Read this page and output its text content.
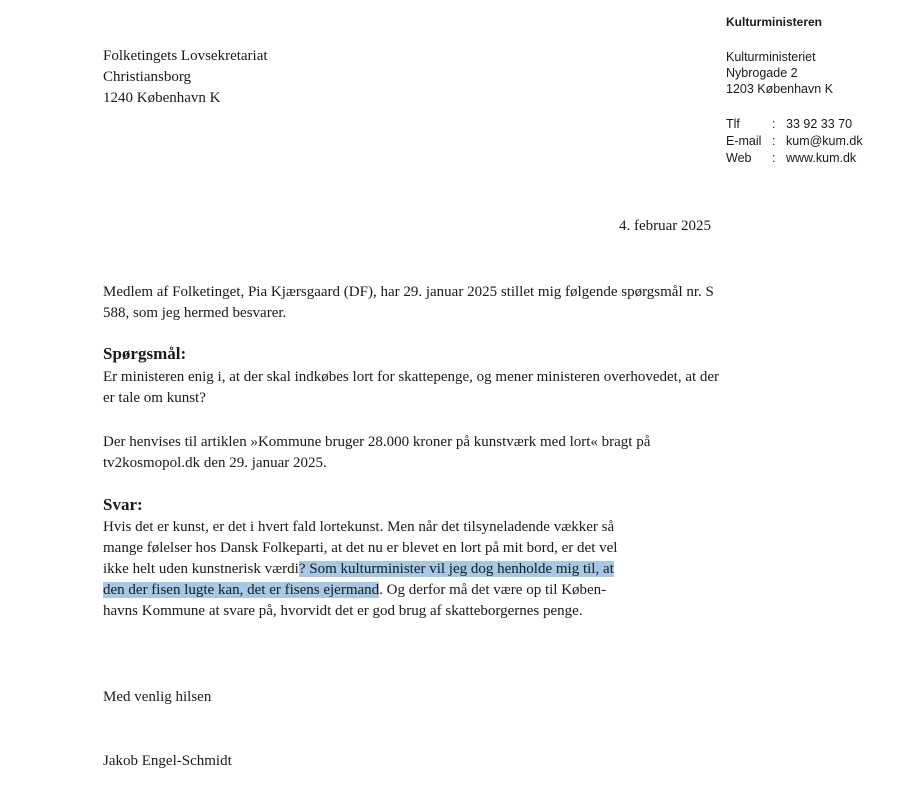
Kulturministeren
Kulturministeriet
Nybrogade 2
1203 København K
Tlf	: 33 92 33 70
E-mail : kum@kum.dk
Web	: www.kum.dk
Folketingets Lovsekretariat
Christiansborg
1240 København K
4. februar 2025
Medlem af Folketinget, Pia Kjærsgaard (DF), har 29. januar 2025 stillet mig følgende spørgsmål nr. S 588, som jeg hermed besvarer.
Spørgsmål:
Er ministeren enig i, at der skal indkøbes lort for skattepenge, og mener ministeren overhovedet, at der er tale om kunst?
Der henvises til artiklen »Kommune bruger 28.000 kroner på kunstværk med lort« bragt på tv2kosmopol.dk den 29. januar 2025.
Svar:
Hvis det er kunst, er det i hvert fald lortekunst. Men når det tilsyneladende vækker så
mange følelser hos Dansk Folkeparti, at det nu er blevet en lort på mit bord, er det vel
ikke helt uden kunstnerisk værdi? Som kulturminister vil jeg dog henholde mig til, at
den der fisen lugte kan, det er fisens ejermand. Og derfor må det være op til Køben-
havns Kommune at svare på, hvorvidt det er god brug af skatteborgernes penge.
Med venlig hilsen
Jakob Engel-Schmidt
